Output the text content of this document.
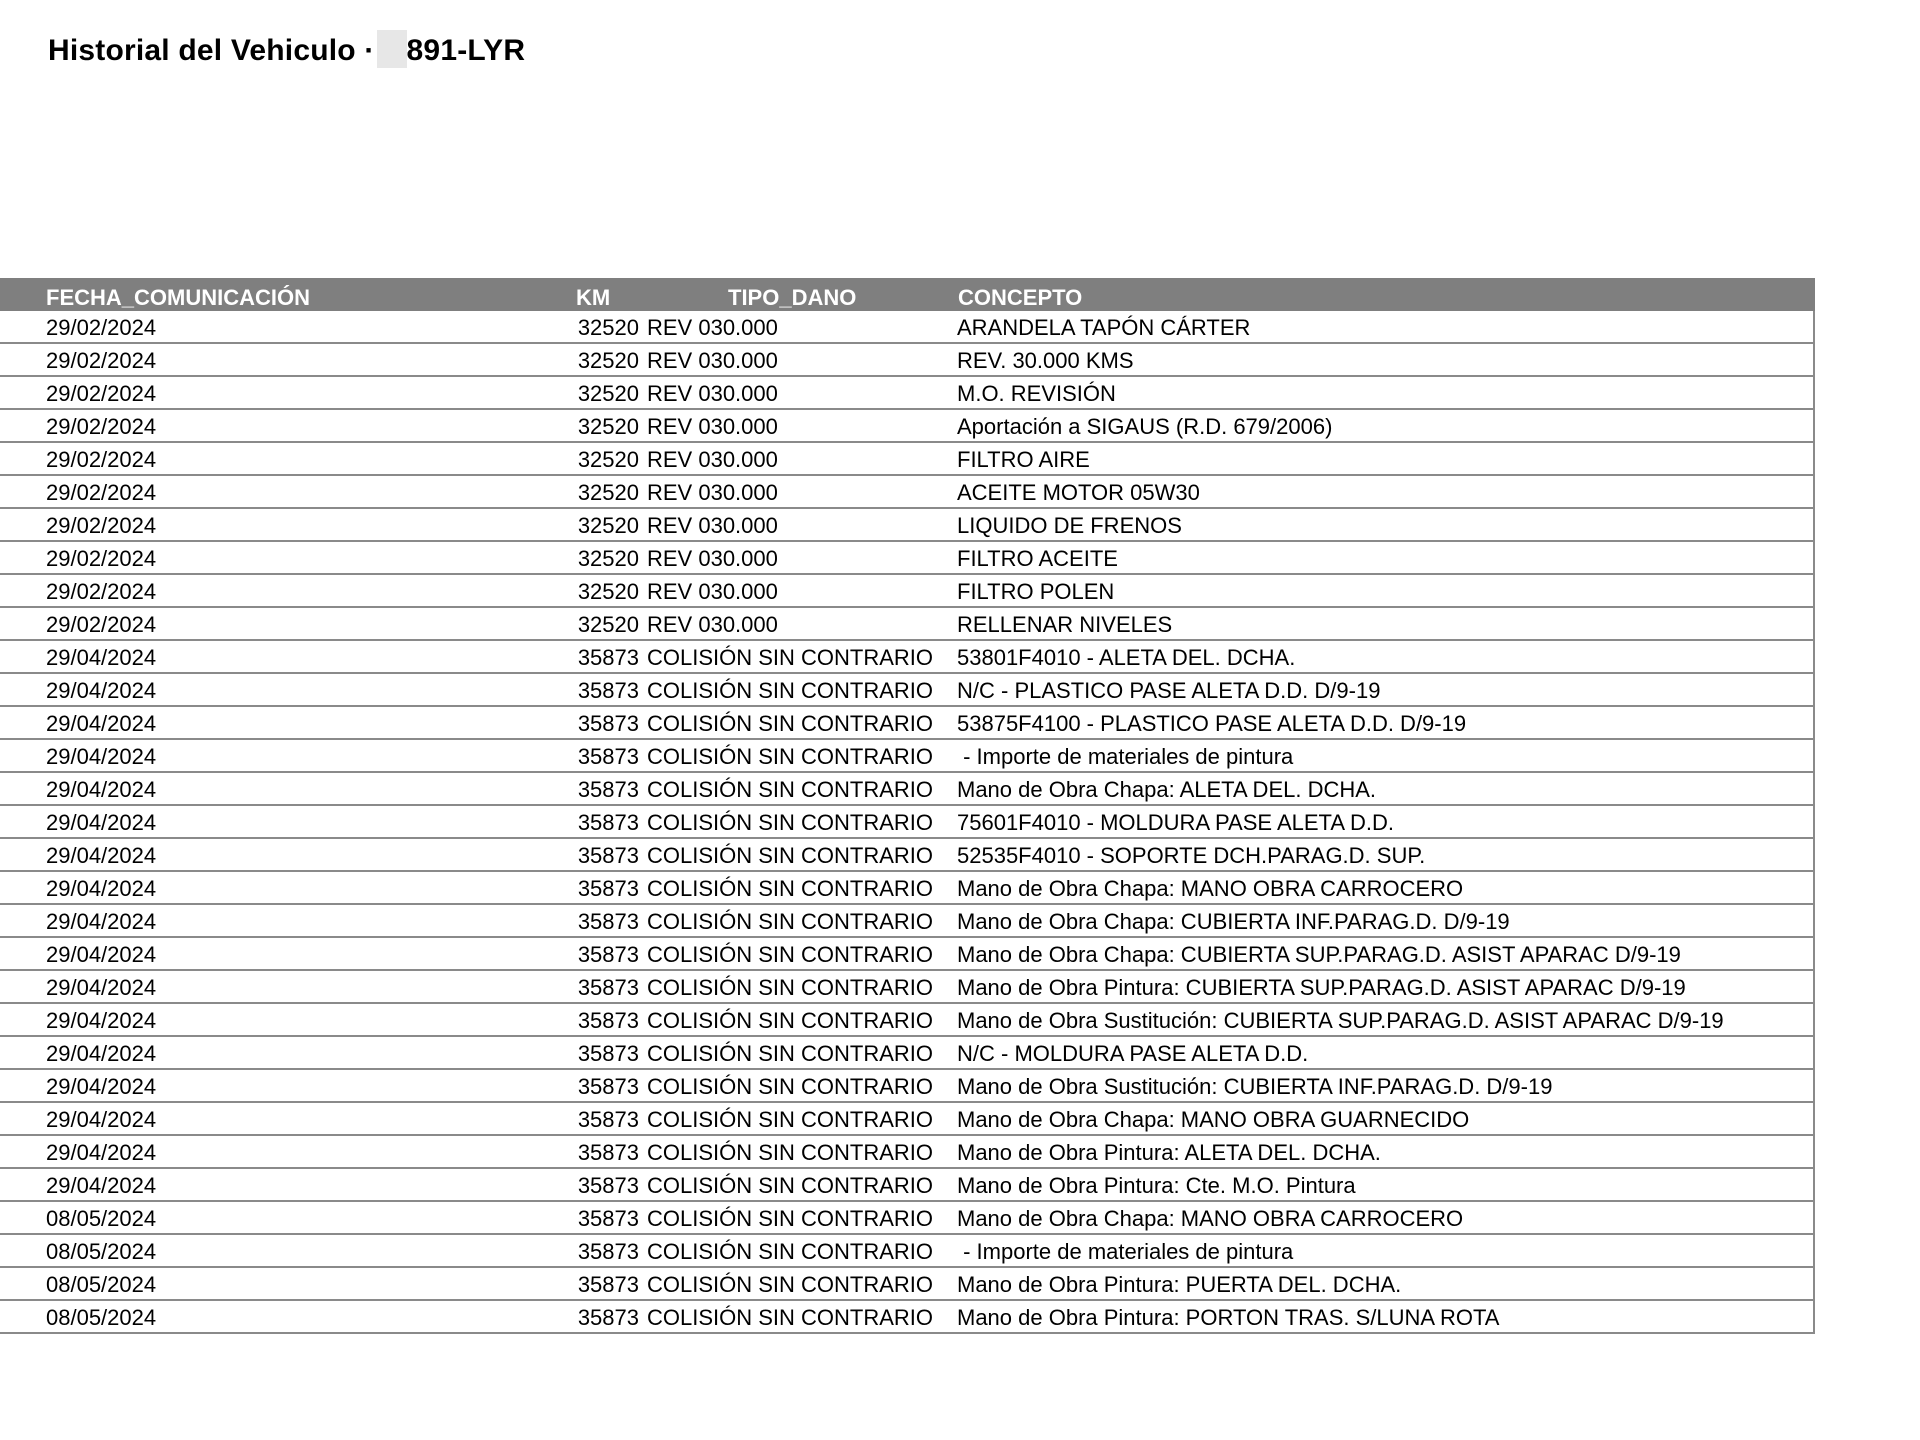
Historial del Vehiculo · 891-LYR
FECHA_COMUNICACIÓN	KM	TIPO_DANO	CONCEPTO
29/02/2024	32520	REV 030.000	ARANDELA TAPÓN CÁRTER
29/02/2024	32520	REV 030.000	REV. 30.000 KMS
29/02/2024	32520	REV 030.000	M.O. REVISIÓN
29/02/2024	32520	REV 030.000	Aportación a SIGAUS (R.D. 679/2006)
29/02/2024	32520	REV 030.000	FILTRO AIRE
29/02/2024	32520	REV 030.000	ACEITE MOTOR 05W30
29/02/2024	32520	REV 030.000	LIQUIDO DE FRENOS
29/02/2024	32520	REV 030.000	FILTRO ACEITE
29/02/2024	32520	REV 030.000	FILTRO POLEN
29/02/2024	32520	REV 030.000	RELLENAR NIVELES
29/04/2024	35873	COLISIÓN SIN CONTRARIO	53801F4010 - ALETA DEL. DCHA.
29/04/2024	35873	COLISIÓN SIN CONTRARIO	N/C - PLASTICO PASE ALETA D.D. D/9-19
29/04/2024	35873	COLISIÓN SIN CONTRARIO	53875F4100 - PLASTICO PASE ALETA D.D. D/9-19
29/04/2024	35873	COLISIÓN SIN CONTRARIO	- Importe de materiales de pintura
29/04/2024	35873	COLISIÓN SIN CONTRARIO	Mano de Obra Chapa: ALETA DEL. DCHA.
29/04/2024	35873	COLISIÓN SIN CONTRARIO	75601F4010 - MOLDURA PASE ALETA D.D.
29/04/2024	35873	COLISIÓN SIN CONTRARIO	52535F4010 - SOPORTE DCH.PARAG.D. SUP.
29/04/2024	35873	COLISIÓN SIN CONTRARIO	Mano de Obra Chapa: MANO OBRA CARROCERO
29/04/2024	35873	COLISIÓN SIN CONTRARIO	Mano de Obra Chapa: CUBIERTA INF.PARAG.D. D/9-19
29/04/2024	35873	COLISIÓN SIN CONTRARIO	Mano de Obra Chapa: CUBIERTA SUP.PARAG.D. ASIST APARAC D/9-19
29/04/2024	35873	COLISIÓN SIN CONTRARIO	Mano de Obra Pintura: CUBIERTA SUP.PARAG.D. ASIST APARAC D/9-19
29/04/2024	35873	COLISIÓN SIN CONTRARIO	Mano de Obra Sustitución: CUBIERTA SUP.PARAG.D. ASIST APARAC D/9-19
29/04/2024	35873	COLISIÓN SIN CONTRARIO	N/C - MOLDURA PASE ALETA D.D.
29/04/2024	35873	COLISIÓN SIN CONTRARIO	Mano de Obra Sustitución: CUBIERTA INF.PARAG.D. D/9-19
29/04/2024	35873	COLISIÓN SIN CONTRARIO	Mano de Obra Chapa: MANO OBRA GUARNECIDO
29/04/2024	35873	COLISIÓN SIN CONTRARIO	Mano de Obra Pintura: ALETA DEL. DCHA.
29/04/2024	35873	COLISIÓN SIN CONTRARIO	Mano de Obra Pintura: Cte. M.O. Pintura
08/05/2024	35873	COLISIÓN SIN CONTRARIO	Mano de Obra Chapa: MANO OBRA CARROCERO
08/05/2024	35873	COLISIÓN SIN CONTRARIO	- Importe de materiales de pintura
08/05/2024	35873	COLISIÓN SIN CONTRARIO	Mano de Obra Pintura: PUERTA DEL. DCHA.
08/05/2024	35873	COLISIÓN SIN CONTRARIO	Mano de Obra Pintura: PORTON TRAS. S/LUNA ROTA
